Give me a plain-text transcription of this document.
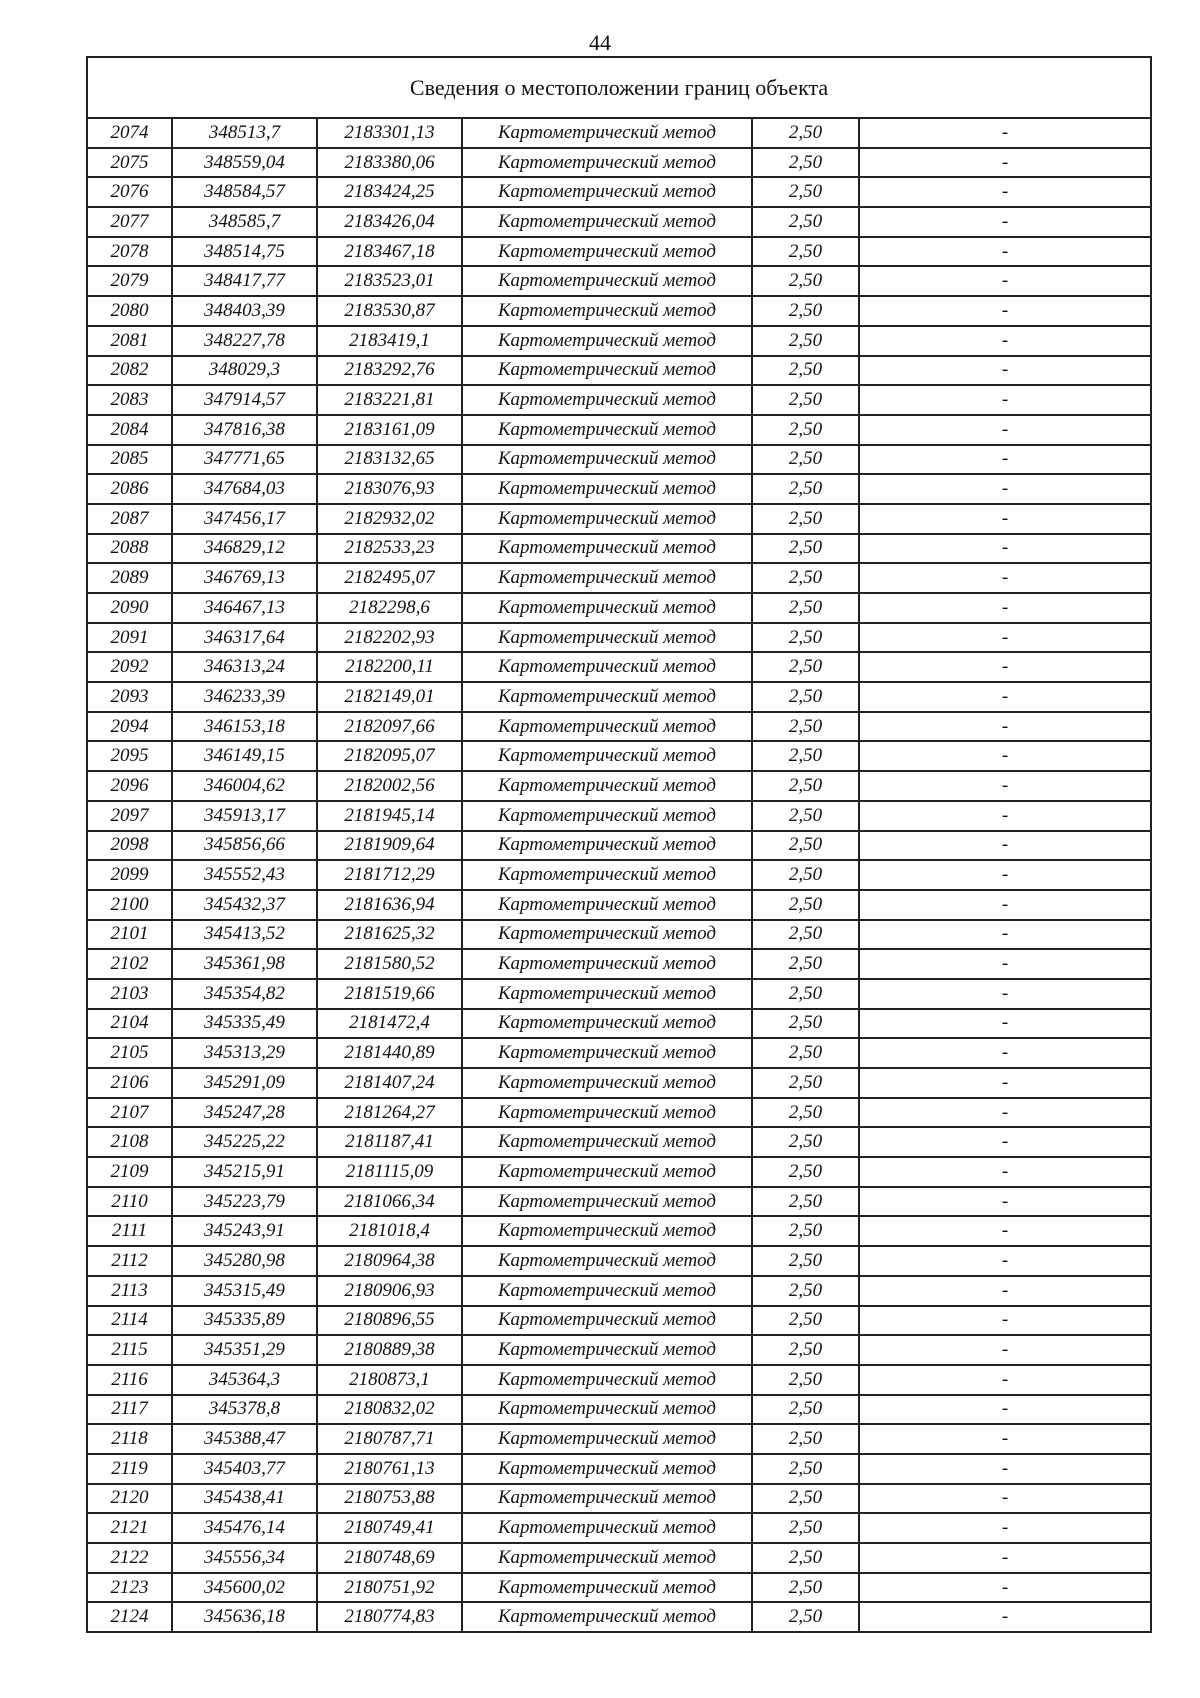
44
Сведения о местоположении границ объекта					
2074	348513,7	2183301,13	Картометрический метод	2,50	-
2075	348559,04	2183380,06	Картометрический метод	2,50	-
2076	348584,57	2183424,25	Картометрический метод	2,50	-
2077	348585,7	2183426,04	Картометрический метод	2,50	-
2078	348514,75	2183467,18	Картометрический метод	2,50	-
2079	348417,77	2183523,01	Картометрический метод	2,50	-
2080	348403,39	2183530,87	Картометрический метод	2,50	-
2081	348227,78	2183419,1	Картометрический метод	2,50	-
2082	348029,3	2183292,76	Картометрический метод	2,50	-
2083	347914,57	2183221,81	Картометрический метод	2,50	-
2084	347816,38	2183161,09	Картометрический метод	2,50	-
2085	347771,65	2183132,65	Картометрический метод	2,50	-
2086	347684,03	2183076,93	Картометрический метод	2,50	-
2087	347456,17	2182932,02	Картометрический метод	2,50	-
2088	346829,12	2182533,23	Картометрический метод	2,50	-
2089	346769,13	2182495,07	Картометрический метод	2,50	-
2090	346467,13	2182298,6	Картометрический метод	2,50	-
2091	346317,64	2182202,93	Картометрический метод	2,50	-
2092	346313,24	2182200,11	Картометрический метод	2,50	-
2093	346233,39	2182149,01	Картометрический метод	2,50	-
2094	346153,18	2182097,66	Картометрический метод	2,50	-
2095	346149,15	2182095,07	Картометрический метод	2,50	-
2096	346004,62	2182002,56	Картометрический метод	2,50	-
2097	345913,17	2181945,14	Картометрический метод	2,50	-
2098	345856,66	2181909,64	Картометрический метод	2,50	-
2099	345552,43	2181712,29	Картометрический метод	2,50	-
2100	345432,37	2181636,94	Картометрический метод	2,50	-
2101	345413,52	2181625,32	Картометрический метод	2,50	-
2102	345361,98	2181580,52	Картометрический метод	2,50	-
2103	345354,82	2181519,66	Картометрический метод	2,50	-
2104	345335,49	2181472,4	Картометрический метод	2,50	-
2105	345313,29	2181440,89	Картометрический метод	2,50	-
2106	345291,09	2181407,24	Картометрический метод	2,50	-
2107	345247,28	2181264,27	Картометрический метод	2,50	-
2108	345225,22	2181187,41	Картометрический метод	2,50	-
2109	345215,91	2181115,09	Картометрический метод	2,50	-
2110	345223,79	2181066,34	Картометрический метод	2,50	-
2111	345243,91	2181018,4	Картометрический метод	2,50	-
2112	345280,98	2180964,38	Картометрический метод	2,50	-
2113	345315,49	2180906,93	Картометрический метод	2,50	-
2114	345335,89	2180896,55	Картометрический метод	2,50	-
2115	345351,29	2180889,38	Картометрический метод	2,50	-
2116	345364,3	2180873,1	Картометрический метод	2,50	-
2117	345378,8	2180832,02	Картометрический метод	2,50	-
2118	345388,47	2180787,71	Картометрический метод	2,50	-
2119	345403,77	2180761,13	Картометрический метод	2,50	-
2120	345438,41	2180753,88	Картометрический метод	2,50	-
2121	345476,14	2180749,41	Картометрический метод	2,50	-
2122	345556,34	2180748,69	Картометрический метод	2,50	-
2123	345600,02	2180751,92	Картометрический метод	2,50	-
2124	345636,18	2180774,83	Картометрический метод	2,50	-
